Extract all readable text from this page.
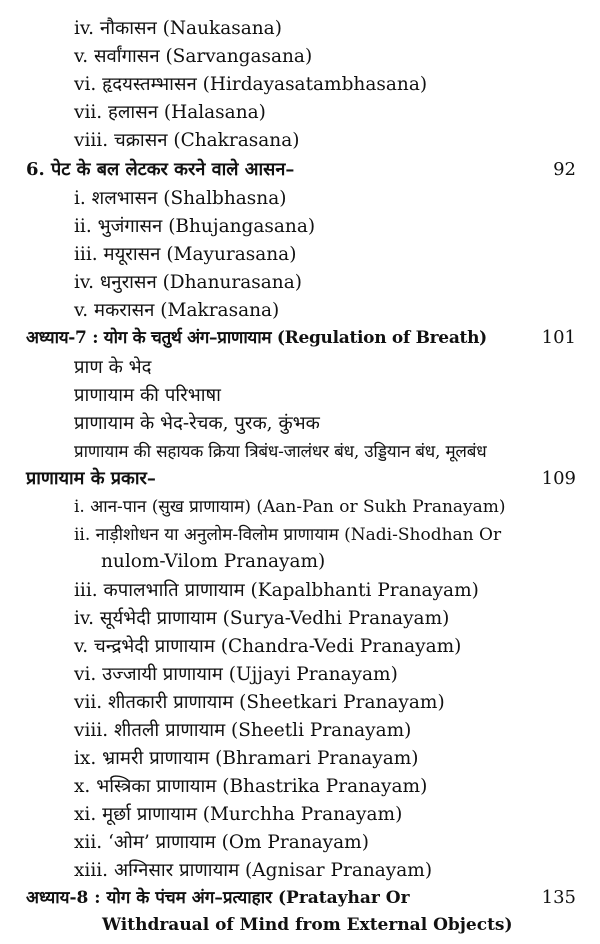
iv. नौकासन (Naukasana)
v. सर्वांगासन (Sarvangasana)
vi. हृदयस्तम्भासन (Hirdayasatambhasana)
vii. हलासन (Halasana)
viii. चक्रासन (Chakrasana)
6. पेट के बल लेटकर करने वाले आसन–	92
i. शलभासन (Shalbhasna)
ii. भुजंगासन (Bhujangasana)
iii. मयूरासन (Mayurasana)
iv. धनुरासन (Dhanurasana)
v. मकरासन (Makrasana)
अध्याय-7 : योग के चतुर्थ अंग–प्राणायाम (Regulation of Breath)	101
प्राण के भेद
प्राणायाम की परिभाषा
प्राणायाम के भेद-रेचक, पुरक, कुंभक
प्राणायाम की सहायक क्रिया त्रिबंध-जालंधर बंध, उड्डियान बंध, मूलबंध
प्राणायाम के प्रकार–	109
i. आन-पान (सुख प्राणायाम) (Aan-Pan or Sukh Pranayam)
ii. नाड़ीशोधन या अनुलोम-विलोम प्राणायाम (Nadi-Shodhan Or
nulom-Vilom Pranayam)
iii. कपालभाति प्राणायाम (Kapalbhanti Pranayam)
iv. सूर्यभेदी प्राणायाम (Surya-Vedhi Pranayam)
v. चन्द्रभेदी प्राणायाम (Chandra-Vedi Pranayam)
vi. उज्जायी प्राणायाम (Ujjayi Pranayam)
vii. शीतकारी प्राणायाम (Sheetkari Pranayam)
viii. शीतली प्राणायाम (Sheetli Pranayam)
ix. भ्रामरी प्राणायाम (Bhramari Pranayam)
x. भस्त्रिका प्राणायाम (Bhastrika Pranayam)
xi. मूर्छा प्राणायाम (Murchha Pranayam)
xii. ‘ओम’ प्राणायाम (Om Pranayam)
xiii. अग्निसार प्राणायाम (Agnisar Pranayam)
अध्याय-8 : योग के पंचम अंग–प्रत्याहार (Pratayhar Or	135
Withdraual of Mind from External Objects)
